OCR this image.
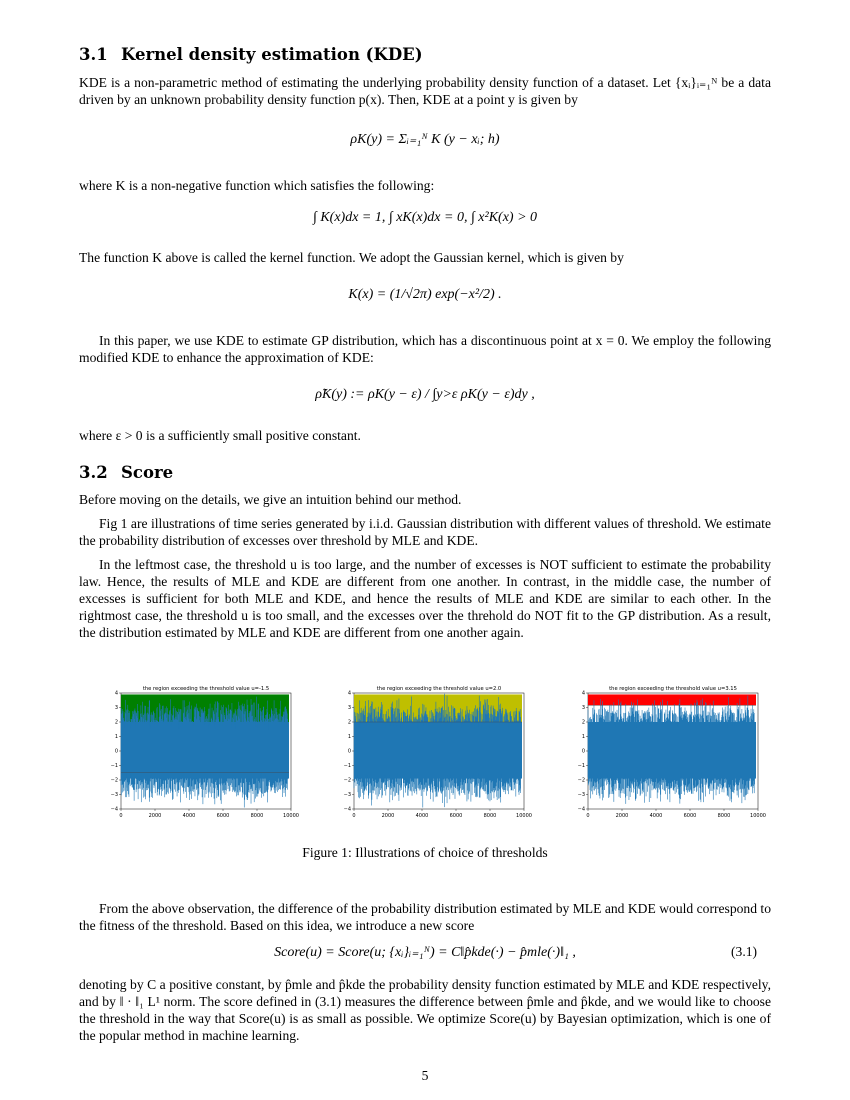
3.1 Kernel density estimation (KDE)
KDE is a non-parametric method of estimating the underlying probability density function of a dataset. Let {xᵢ}ᵢ₌₁ᴺ be a data driven by an unknown probability density function p(x). Then, KDE at a point y is given by
ρK(y) = Σᵢ₌₁ᴺ K (y − xᵢ; h)
where K is a non-negative function which satisfies the following:
∫ K(x)dx = 1, ∫ xK(x)dx = 0, ∫ x²K(x) > 0
The function K above is called the kernel function. We adopt the Gaussian kernel, which is given by
K(x) = (1/√2π) exp(−x²/2) .
In this paper, we use KDE to estimate GP distribution, which has a discontinuous point at x = 0. We employ the following modified KDE to enhance the approximation of KDE:
ρ̃K(y) := ρK(y − ε) / ∫y>ε ρK(y − ε)dy ,
where ε > 0 is a sufficiently small positive constant.
3.2 Score
Before moving on the details, we give an intuition behind our method.
Fig 1 are illustrations of time series generated by i.i.d. Gaussian distribution with different values of threshold. We estimate the probability distribution of excesses over threshold by MLE and KDE.
In the leftmost case, the threshold u is too large, and the number of excesses is NOT sufficient to estimate the probability law. Hence, the results of MLE and KDE are different from one another. In contrast, in the middle case, the number of excesses is sufficient for both MLE and KDE, and hence the results of MLE and KDE are similar to each other. In the rightmost case, the threshold u is too small, and the excesses over the threhold do NOT fit to the GP distribution. As a result, the distribution estimated by MLE and KDE are different from one another again.
the region exceeding the threshold value u=-1.5
−4
−3
−2
−1
0
1
2
3
4
0	2000	4000	6000	8000	10000
the region exceeding the threshold value u=2.0
−4
−3
−2
−1
0
1
2
3
4
0	2000	4000	6000	8000	10000
the region exceeding the threshold value u=3.15
−4
−3
−2
−1
0
1
2
3
4
0	2000	4000	6000	8000	10000
Figure 1: Illustrations of choice of thresholds
From the above observation, the difference of the probability distribution estimated by MLE and KDE would correspond to the fitness of the threshold. Based on this idea, we introduce a new score
Score(u) = Score(u; {xᵢ}ᵢ₌₁ᴺ) = C‖p̂kde(·) − p̂mle(·)‖₁ ,	(3.1)
denoting by C a positive constant, by p̂mle and p̂kde the probability density function estimated by MLE and KDE respectively, and by ‖ · ‖₁ L¹ norm. The score defined in (3.1) measures the difference between p̂mle and p̂kde, and we would like to choose the threshold in the way that Score(u) is as small as possible. We optimize Score(u) by Bayesian optimization, which is one of the popular method in machine learning.
5
